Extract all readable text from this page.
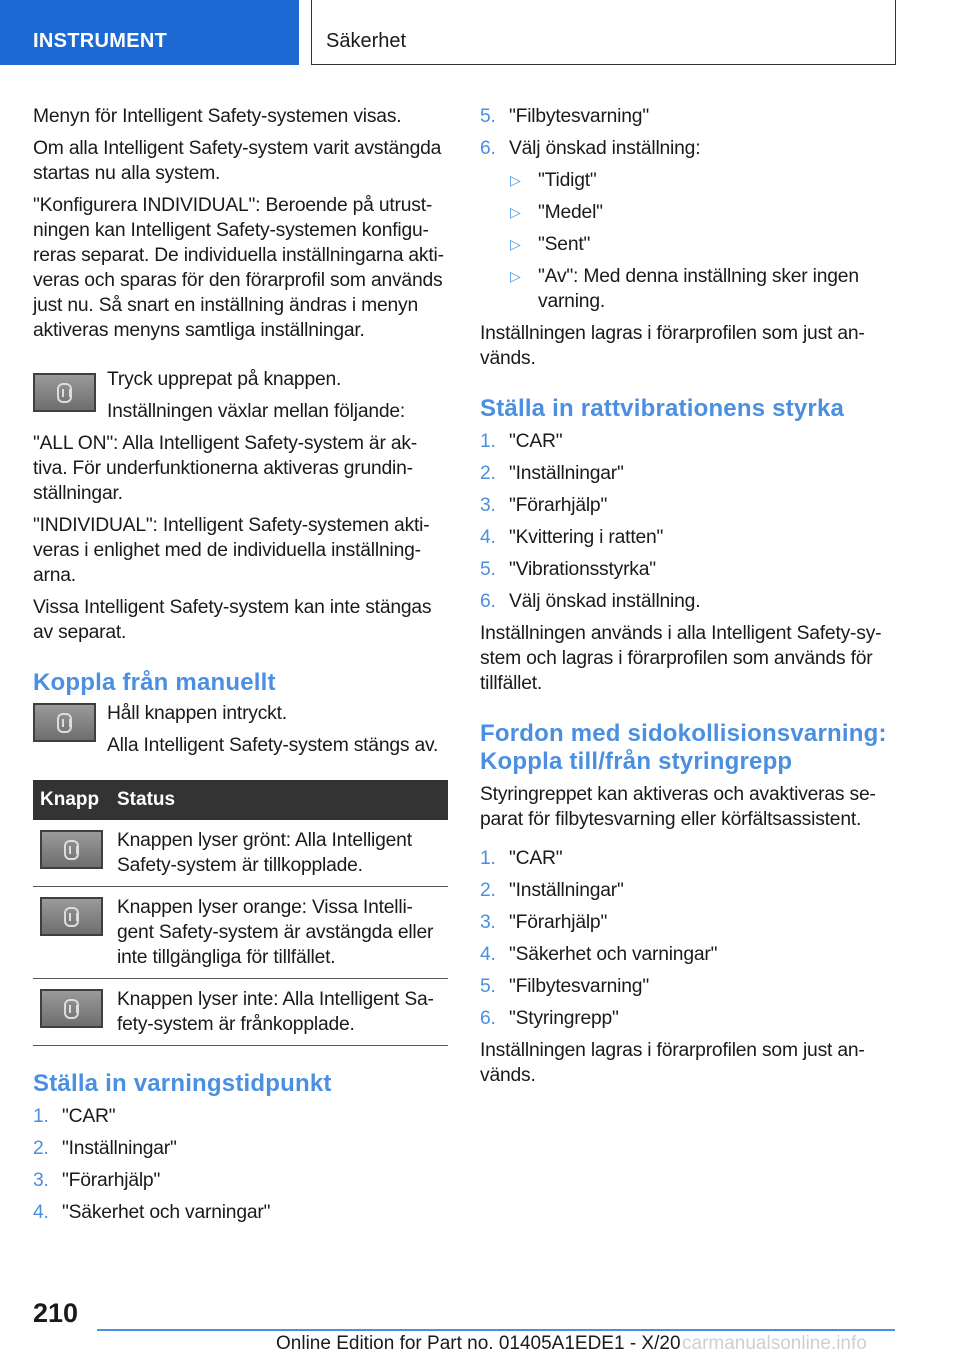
INSTRUMENT	Säkerhet

Menyn för Intelligent Safety-systemen visas.

Om alla Intelligent Safety-system varit avstängda startas nu alla system.

"Konfigurera INDIVIDUAL": Beroende på utrust-ningen kan Intelligent Safety-systemen konfigu-reras separat. De individuella inställningarna akti-veras och sparas för den förarprofil som används just nu. Så snart en inställning ändras i menyn aktiveras menyns samtliga inställningar.

Tryck upprepat på knappen.

Inställningen växlar mellan följande:

"ALL ON": Alla Intelligent Safety-system är ak-tiva. För underfunktionerna aktiveras grundin-ställningar.

"INDIVIDUAL": Intelligent Safety-systemen akti-veras i enlighet med de individuella inställning-arna.

Vissa Intelligent Safety-system kan inte stängas av separat.

Koppla från manuellt

Håll knappen intryckt.

Alla Intelligent Safety-system stängs av.

Knapp Status
Knappen lyser grönt: Alla Intelligent Safety-system är tillkopplade.
Knappen lyser orange: Vissa Intelli-gent Safety-system är avstängda eller inte tillgängliga för tillfället.
Knappen lyser inte: Alla Intelligent Sa-fety-system är frånkopplade.
Ställa in varningstidpunkt
1. "CAR"
2. "Inställningar"
3. "Förarhjälp"
4. "Säkerhet och varningar"
5. "Filbytesvarning"
6. Välj önskad inställning:
▷ "Tidigt"
▷ "Medel"
▷ "Sent"
▷ "Av": Med denna inställning sker ingen varning.

Inställningen lagras i förarprofilen som just an-vänds.

Ställa in rattvibrationens styrka
1. "CAR"
2. "Inställningar"
3. "Förarhjälp"
4. "Kvittering i ratten"
5. "Vibrationsstyrka"
6. Välj önskad inställning.

Inställningen används i alla Intelligent Safety-sy-stem och lagras i förarprofilen som används för tillfället.

Fordon med sidokollisionsvarning:
Koppla till/från styringrepp

Styringreppet kan aktiveras och avaktiveras se-parat för filbytesvarning eller körfältsassistent.

1. "CAR"
2. "Inställningar"
3. "Förarhjälp"
4. "Säkerhet och varningar"
5. "Filbytesvarning"
6. "Styringrepp"

Inställningen lagras i förarprofilen som just an-vänds.

210
Online Edition for Part no. 01405A1EDE1 - X/20 carmanualsonline.info
